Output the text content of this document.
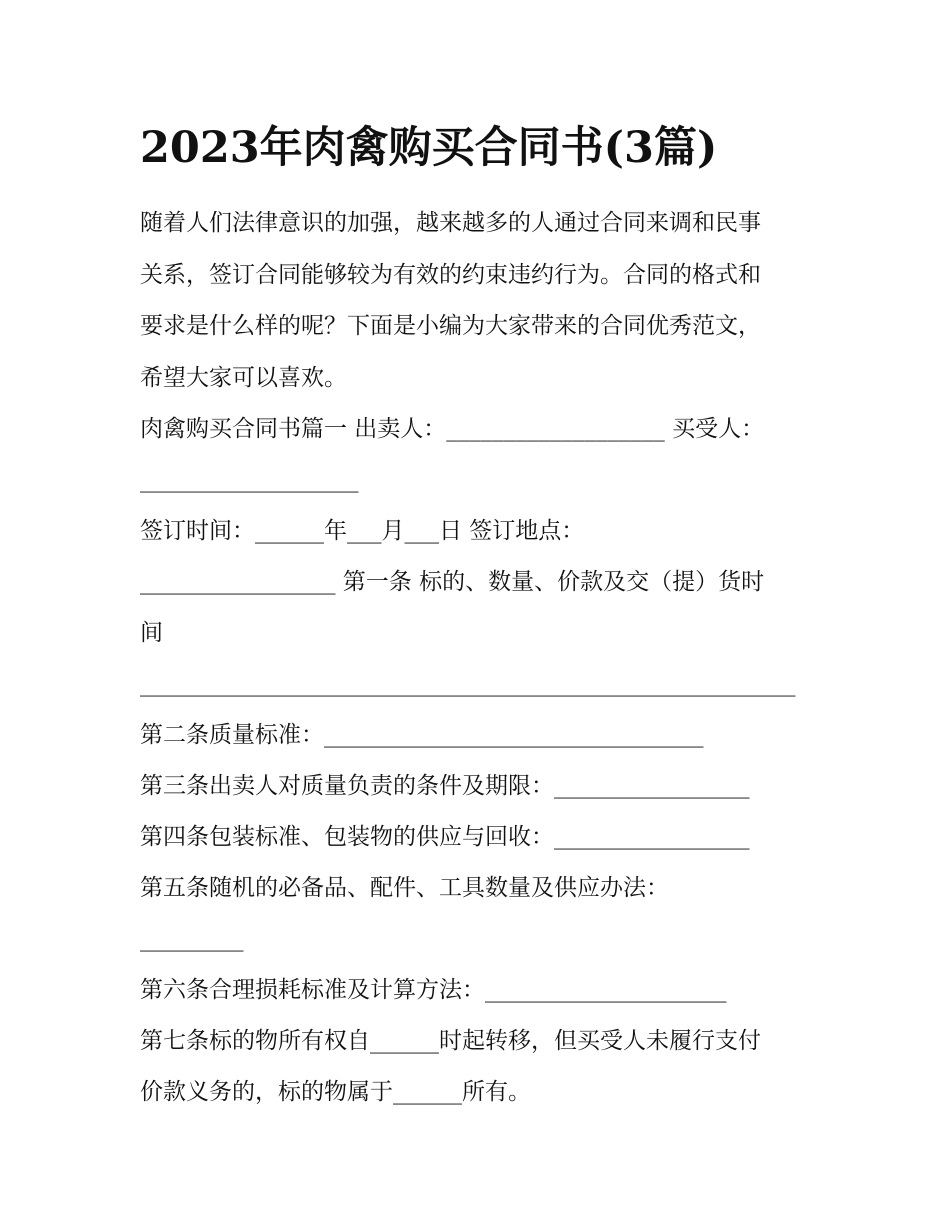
2023年肉禽购买合同书(3篇)
随着人们法律意识的加强，越来越多的人通过合同来调和民事
关系，签订合同能够较为有效的约束违约行为。合同的格式和
要求是什么样的呢？下面是小编为大家带来的合同优秀范文，
希望大家可以喜欢。
肉禽购买合同书篇一 出卖人：___________________ 买受人：
___________________
签订时间：______年___月___日 签订地点：
_________________ 第一条 标的、数量、价款及交（提）货时
间
_________________________________________________________
第二条质量标准：_________________________________
第三条出卖人对质量负责的条件及期限：_________________
第四条包装标准、包装物的供应与回收：_________________
第五条随机的必备品、配件、工具数量及供应办法：
_________
第六条合理损耗标准及计算方法：_____________________
第七条标的物所有权自______时起转移，但买受人未履行支付
价款义务的，标的物属于______所有。
